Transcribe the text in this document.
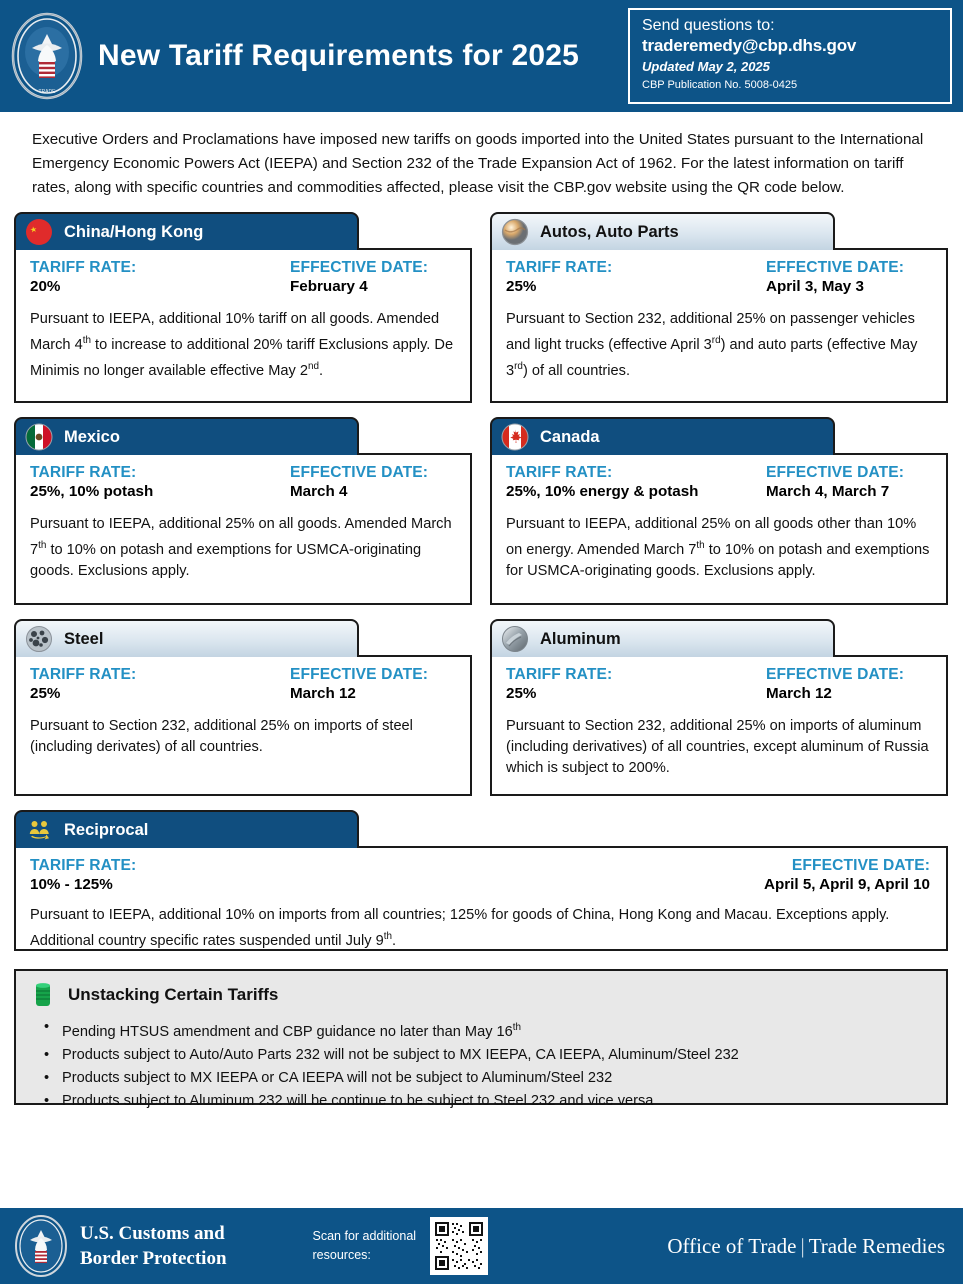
TRADE
New Tariff Requirements for 2025
Send questions to:
traderemedy@cbp.dhs.gov
Updated May 2, 2025
CBP Publication No. 5008-0425
Executive Orders and Proclamations have imposed new tariffs on goods imported into the United States pursuant to the International Emergency Economic Powers Act (IEEPA) and Section 232 of the Trade Expansion Act of 1962. For the latest information on tariff rates, along with specific countries and commodities affected, please visit the CBP.gov website using the QR code below.
China/Hong Kong
TARIFF RATE:
20%
EFFECTIVE DATE:
February 4
Pursuant to IEEPA, additional 10% tariff on all goods. Amended March 4th to increase to additional 20% tariff Exclusions apply. De Minimis no longer available effective May 2nd.
Autos, Auto Parts
TARIFF RATE:
25%
EFFECTIVE DATE:
April 3, May 3
Pursuant to Section 232, additional 25% on passenger vehicles and light trucks (effective April 3rd) and auto parts (effective May 3rd) of all countries.
Mexico
TARIFF RATE:
25%, 10% potash
EFFECTIVE DATE:
March 4
Pursuant to IEEPA, additional 25% on all goods. Amended March 7th to 10% on potash and exemptions for USMCA-originating goods. Exclusions apply.
Canada
TARIFF RATE:
25%, 10% energy & potash
EFFECTIVE DATE:
March 4, March 7
Pursuant to IEEPA, additional 25% on all goods other than 10% on energy. Amended March 7th to 10% on potash and exemptions for USMCA-originating goods. Exclusions apply.
Steel
TARIFF RATE:
25%
EFFECTIVE DATE:
March 12
Pursuant to Section 232, additional 25% on imports of steel (including derivates) of all countries.
Aluminum
TARIFF RATE:
25%
EFFECTIVE DATE:
March 12
Pursuant to Section 232, additional 25% on imports of aluminum (including derivatives) of all countries, except aluminum of Russia which is subject to 200%.
Reciprocal
TARIFF RATE:
10% - 125%
EFFECTIVE DATE:
April 5, April 9, April 10
Pursuant to IEEPA, additional 10% on imports from all countries; 125% for goods of China, Hong Kong and Macau. Exceptions apply. Additional country specific rates suspended until July 9th.
Unstacking Certain Tariffs
• Pending HTSUS amendment and CBP guidance no later than May 16th
• Products subject to Auto/Auto Parts 232 will not be subject to MX IEEPA, CA IEEPA, Aluminum/Steel 232
• Products subject to MX IEEPA or CA IEEPA will not be subject to Aluminum/Steel 232
• Products subject to Aluminum 232 will be continue to be subject to Steel 232 and vice versa
U.S. Customs and
Border Protection
Scan for additional
resources:	Office of Trade | Trade Remedies
